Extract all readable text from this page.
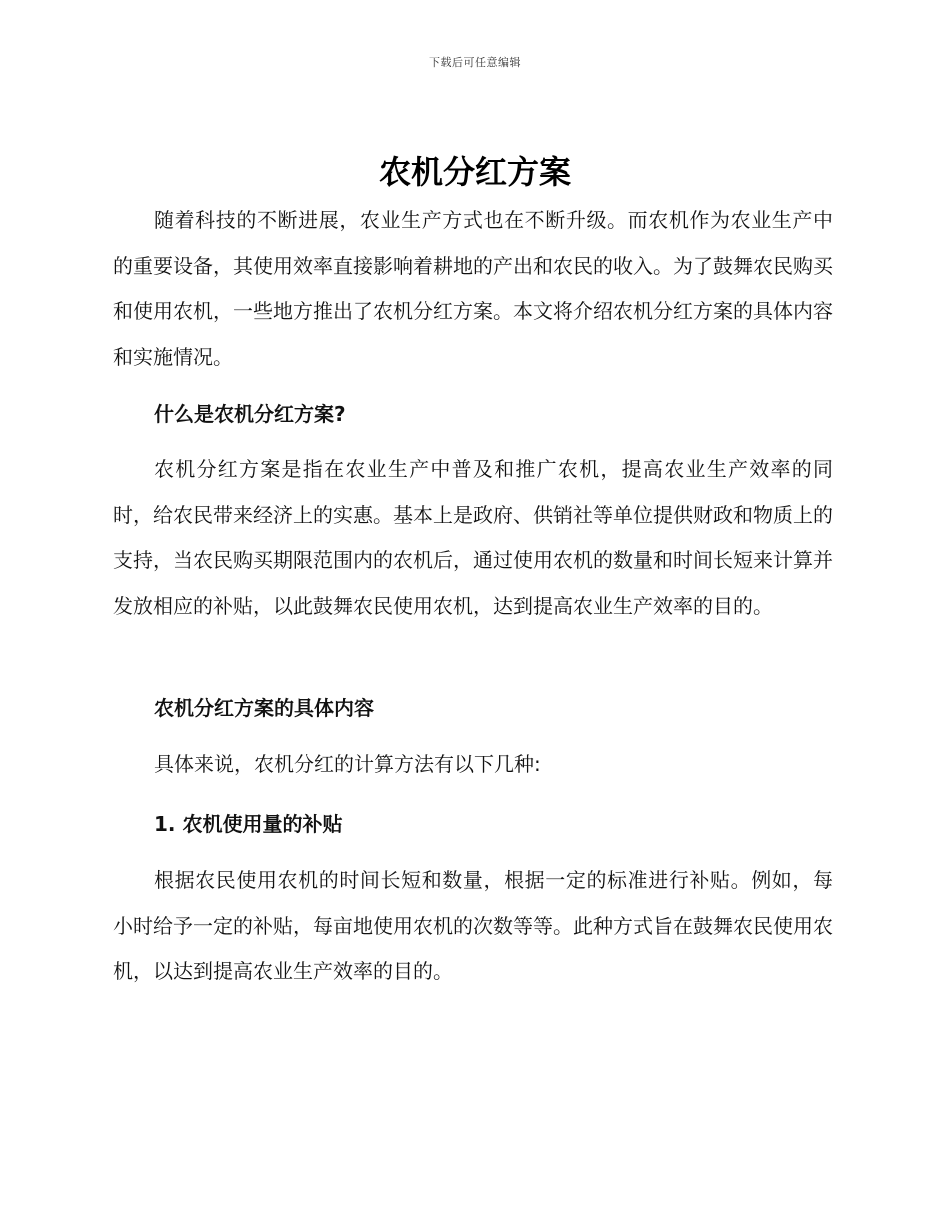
下载后可任意编辑
农机分红方案

随着科技的不断进展，农业生产方式也在不断升级。而农机作为农业生产中的重要设备，其使用效率直接影响着耕地的产出和农民的收入。为了鼓舞农民购买和使用农机，一些地方推出了农机分红方案。本文将介绍农机分红方案的具体内容和实施情况。

什么是农机分红方案?

农机分红方案是指在农业生产中普及和推广农机，提高农业生产效率的同时，给农民带来经济上的实惠。基本上是政府、供销社等单位提供财政和物质上的支持，当农民购买期限范围内的农机后，通过使用农机的数量和时间长短来计算并发放相应的补贴，以此鼓舞农民使用农机，达到提高农业生产效率的目的。

农机分红方案的具体内容

具体来说，农机分红的计算方法有以下几种:

1. 农机使用量的补贴

根据农民使用农机的时间长短和数量，根据一定的标准进行补贴。例如，每小时给予一定的补贴，每亩地使用农机的次数等等。此种方式旨在鼓舞农民使用农机，以达到提高农业生产效率的目的。
